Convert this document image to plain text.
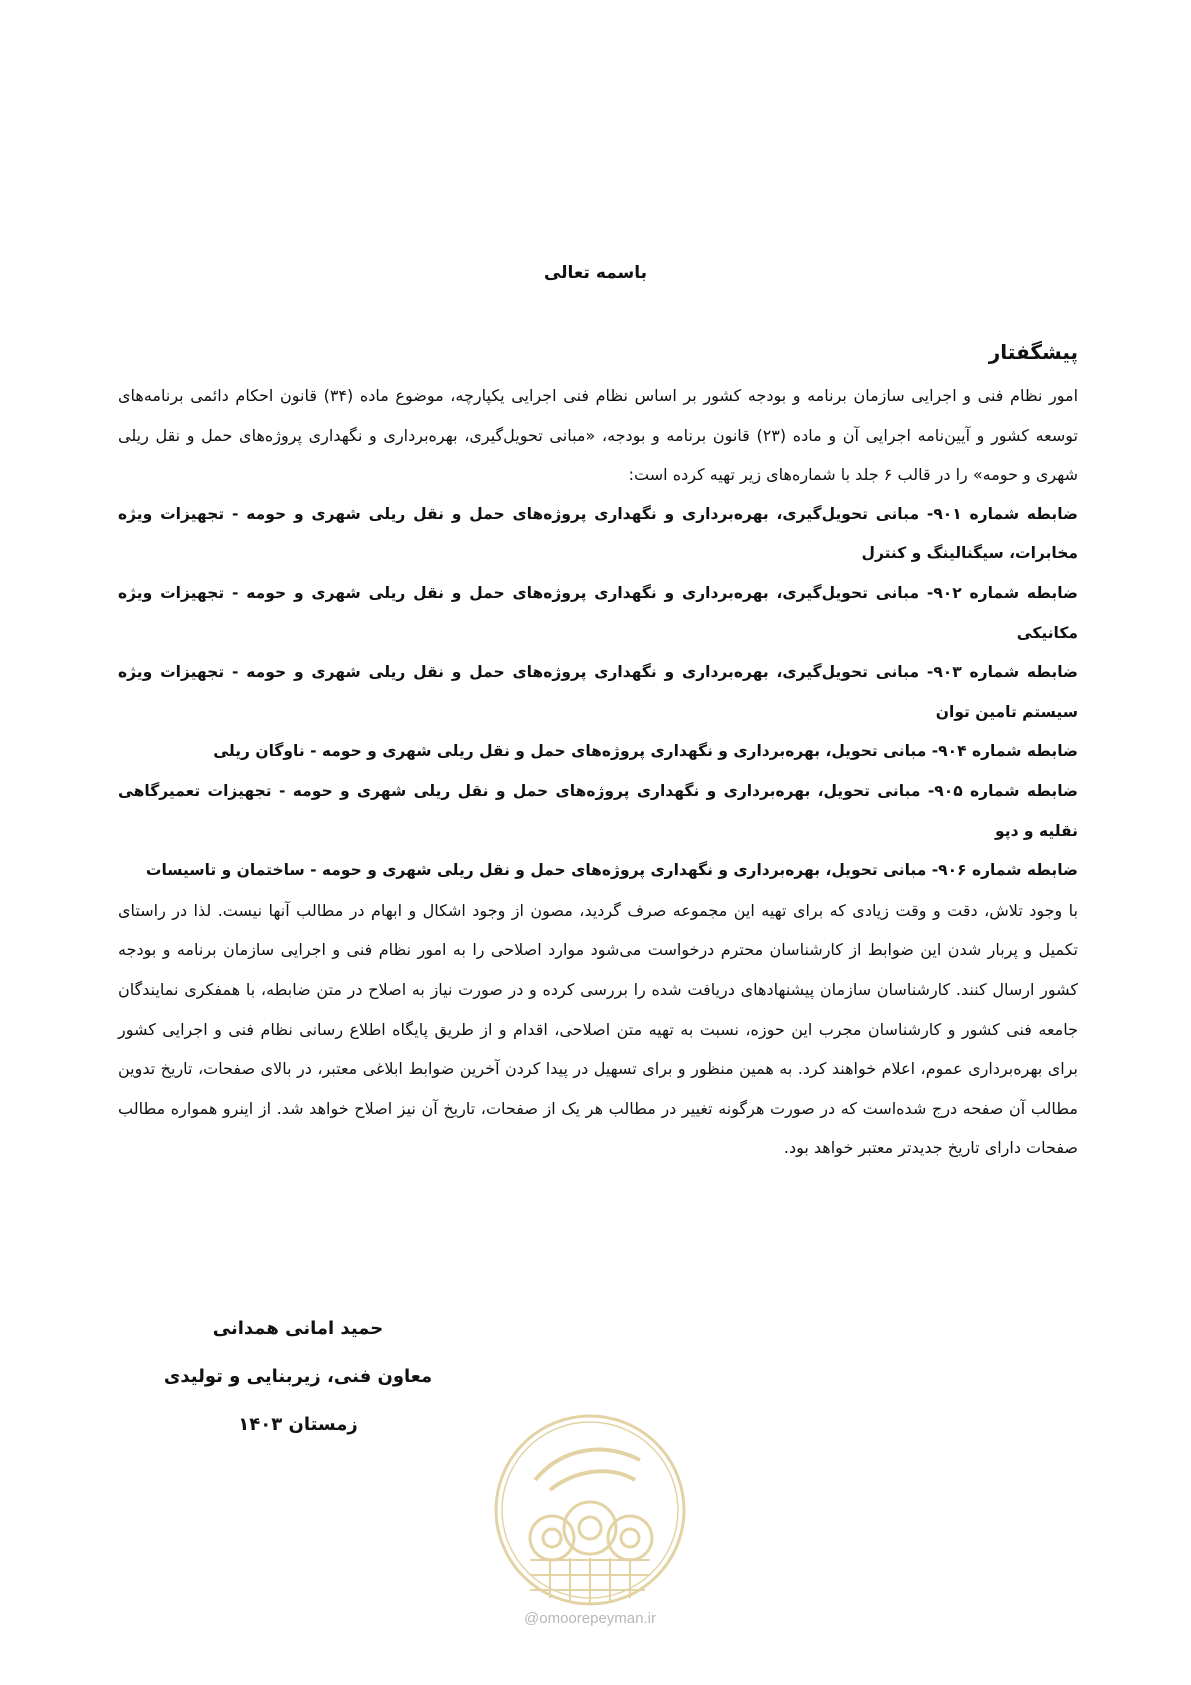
باسمه تعالی
پیشگفتار

امور نظام فنی و اجرایی سازمان برنامه و بودجه کشور بر اساس نظام فنی اجرایی یکپارچه، موضوع ماده (۳۴) قانون احکام دائمی برنامه‌های توسعه کشور و آیین‌نامه اجرایی آن و ماده (۲۳) قانون برنامه و بودجه، «مبانی تحویل‌گیری، بهره‌برداری و نگهداری پروژه‌های حمل و نقل ریلی شهری و حومه» را در قالب ۶ جلد با شماره‌های زیر تهیه کرده است:

ضابطه شماره ۹۰۱- مبانی تحویل‌گیری، بهره‌برداری و نگهداری پروژه‌های حمل و نقل ریلی شهری و حومه - تجهیزات ویژه مخابرات، سیگنالینگ و کنترل

ضابطه شماره ۹۰۲- مبانی تحویل‌گیری، بهره‌برداری و نگهداری پروژه‌های حمل و نقل ریلی شهری و حومه - تجهیزات ویژه مکانیکی

ضابطه شماره ۹۰۳- مبانی تحویل‌گیری، بهره‌برداری و نگهداری پروژه‌های حمل و نقل ریلی شهری و حومه - تجهیزات ویژه سیستم تامین توان

ضابطه شماره ۹۰۴- مبانی تحویل، بهره‌برداری و نگهداری پروژه‌های حمل و نقل ریلی شهری و حومه - ناوگان ریلی

ضابطه شماره ۹۰۵- مبانی تحویل، بهره‌برداری و نگهداری پروژه‌های حمل و نقل ریلی شهری و حومه - تجهیزات تعمیرگاهی نقلیه و دپو

ضابطه شماره ۹۰۶- مبانی تحویل، بهره‌برداری و نگهداری پروژه‌های حمل و نقل ریلی شهری و حومه - ساختمان و تاسیسات

با وجود تلاش، دقت و وقت زیادی که برای تهیه این مجموعه صرف گردید، مصون از وجود اشکال و ابهام در مطالب آنها نیست. لذا در راستای تکمیل و پربار شدن این ضوابط از کارشناسان محترم درخواست می‌شود موارد اصلاحی را به امور نظام فنی و اجرایی سازمان برنامه و بودجه کشور ارسال کنند. کارشناسان سازمان پیشنهادهای دریافت شده را بررسی کرده و در صورت نیاز به اصلاح در متن ضابطه، با همفکری نمایندگان جامعه فنی کشور و کارشناسان مجرب این حوزه، نسبت به تهیه متن اصلاحی، اقدام و از طریق پایگاه اطلاع رسانی نظام فنی و اجرایی کشور برای بهره‌برداری عموم، اعلام خواهند کرد. به همین منظور و برای تسهیل در پیدا کردن آخرین ضوابط ابلاغی معتبر، در بالای صفحات، تاریخ تدوین مطالب آن صفحه درج شده‌است که در صورت هرگونه تغییر در مطالب هر یک از صفحات، تاریخ آن نیز اصلاح خواهد شد. از اینرو همواره مطالب صفحات دارای تاریخ جدیدتر معتبر خواهد بود.

حمید امانی همدانی
معاون فنی، زیربنایی و تولیدی
زمستان ۱۴۰۳
@omoorepeyman.ir
